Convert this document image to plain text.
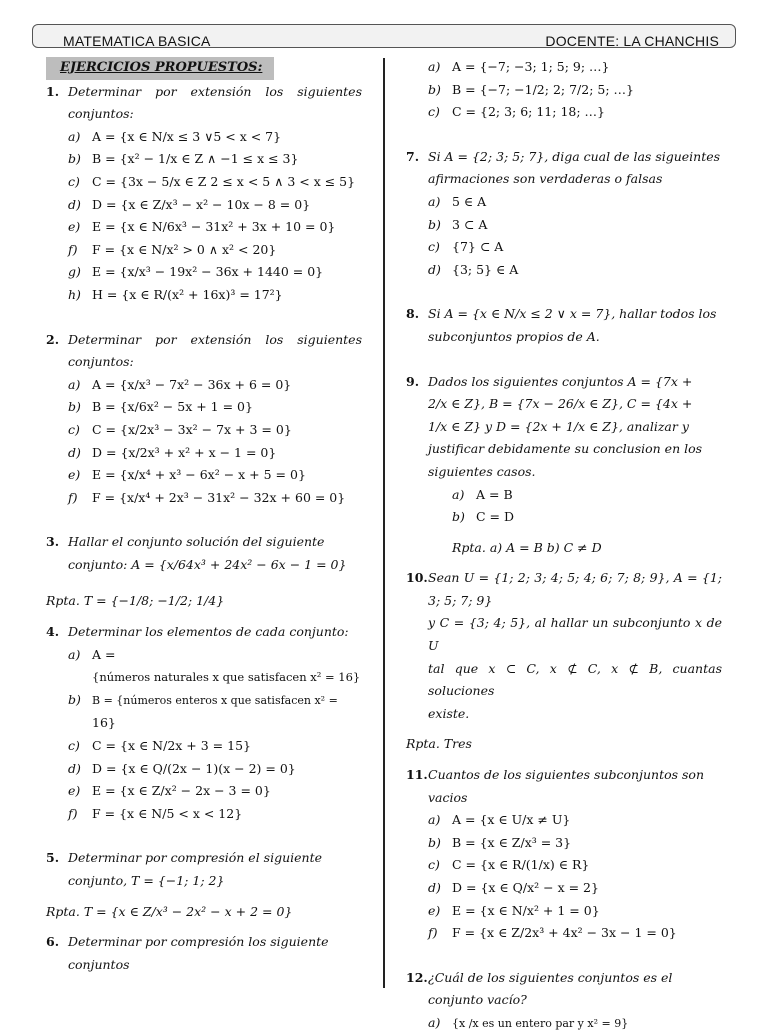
MATEMATICA BASICA	DOCENTE: LA CHANCHIS
EJERCICIOS PROPUESTOS:
1. Determinar por extensión los siguientes conjuntos:
a) A = {x ∈ N/x ≤ 3 ∨5 < x < 7}
b) B = {x² − 1/x ∈ Z ∧ −1 ≤ x ≤ 3}
c) C = {3x − 5/x ∈ Z 2 ≤ x < 5 ∧ 3 < x ≤ 5}
d) D = {x ∈ Z/x³ − x² − 10x − 8 = 0}
e) E = {x ∈ N/6x³ − 31x² + 3x + 10 = 0}
f) F = {x ∈ N/x² > 0 ∧ x² < 20}
g) E = {x/x³ − 19x² − 36x + 1440 = 0}
h) H = {x ∈ R/(x² + 16x)³ = 17²}
2. Determinar por extensión los siguientes conjuntos:
a) A = {x/x³ − 7x² − 36x + 6 = 0}
b) B = {x/6x² − 5x + 1 = 0}
c) C = {x/2x³ − 3x² − 7x + 3 = 0}
d) D = {x/2x³ + x² + x − 1 = 0}
e) E = {x/x⁴ + x³ − 6x² − x + 5 = 0}
f) F = {x/x⁴ + 2x³ − 31x² − 32x + 60 = 0}
3. Hallar el conjunto solución del siguiente
conjunto: A = {x/64x³ + 24x² − 6x − 1 = 0}
Rpta. T = {−1/8; −1/2; 1/4}
4. Determinar los elementos de cada conjunto:
a) A =
{números naturales x que satisfacen x² = 16}
b) B = {números enteros x que satisfacen x² =
16}
c) C = {x ∈ N/2x + 3 = 15}
d) D = {x ∈ Q/(2x − 1)(x − 2) = 0}
e) E = {x ∈ Z/x² − 2x − 3 = 0}
f) F = {x ∈ N/5 < x < 12}
5. Determinar por compresión el siguiente
conjunto, T = {−1; 1; 2}
Rpta. T = {x ∈ Z/x³ − 2x² − x + 2 = 0}
6. Determinar por compresión los siguiente
conjuntos
a) A = {−7; −3; 1; 5; 9; …}
b) B = {−7; −1/2; 2; 7/2; 5; …}
c) C = {2; 3; 6; 11; 18; …}
7. Si A = {2; 3; 5; 7}, diga cual de las sigueintes
afirmaciones son verdaderas o falsas
a) 5 ∈ A
b) 3 ⊂ A
c) {7} ⊂ A
d) {3; 5} ∈ A
8. Si A = {x ∈ N/x ≤ 2 ∨ x = 7}, hallar todos los
subconjuntos propios de A.
9. Dados los siguientes conjuntos A = {7x +
2/x ∈ Z}, B = {7x − 26/x ∈ Z}, C = {4x +
1/x ∈ Z} y D = {2x + 1/x ∈ Z}, analizar y
justificar debidamente su conclusion en los
siguientes casos.
a) A = B
b) C = D
Rpta. a) A = B b) C ≠ D
10. Sean U = {1; 2; 3; 4; 5; 4; 6; 7; 8; 9}, A = {1; 3; 5; 7; 9}
y C = {3; 4; 5}, al hallar un subconjunto x de U
tal que x ⊂ C, x ⊄ C, x ⊄ B, cuantas soluciones
existe.
Rpta. Tres
11. Cuantos de los siguientes subconjuntos son
vacios
a) A = {x ∈ U/x ≠ U}
b) B = {x ∈ Z/x³ = 3}
c) C = {x ∈ R/(1/x) ∈ R}
d) D = {x ∈ Q/x² − x = 2}
e) E = {x ∈ N/x² + 1 = 0}
f) F = {x ∈ Z/2x³ + 4x² − 3x − 1 = 0}
12. ¿Cuál de los siguientes conjuntos es el
conjunto vacío?
a) {x /x es un entero par y x² = 9}
